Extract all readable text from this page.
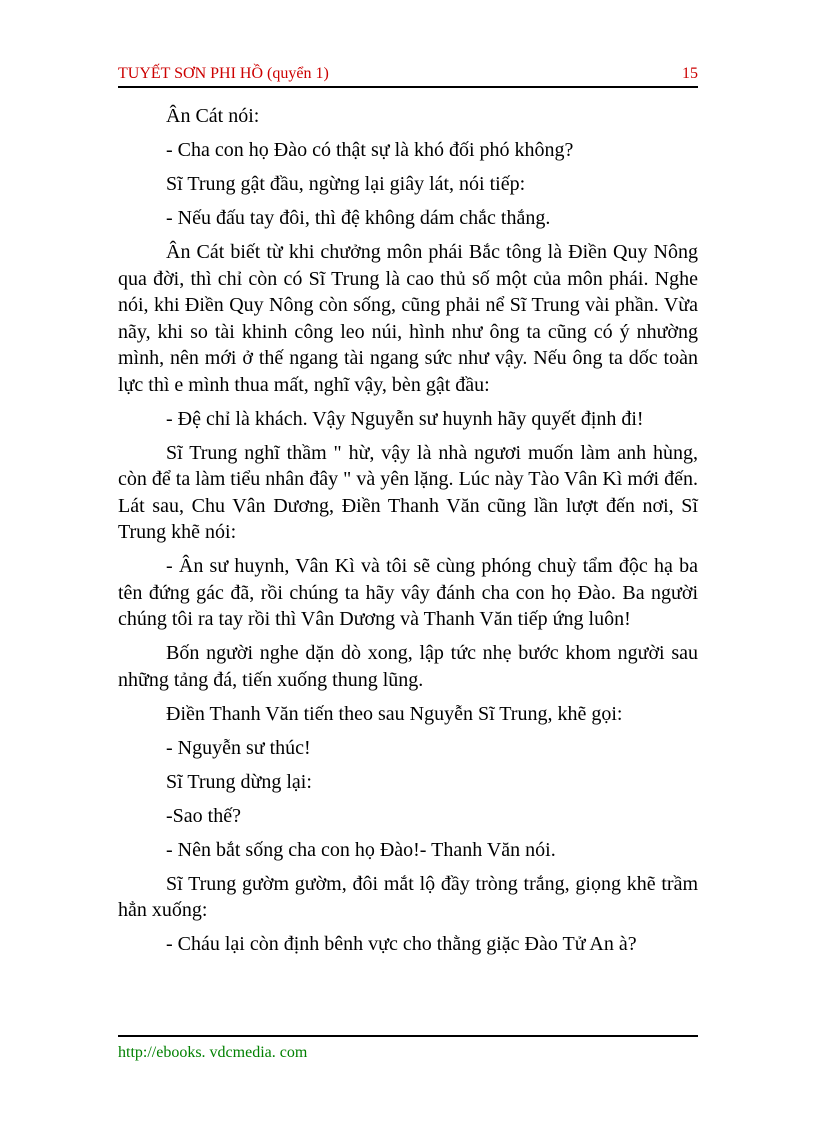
TUYẾT SƠN PHI HỒ (quyển 1)	15

Ân Cát nói:

- Cha con họ Đào có thật sự là khó đối phó không?

Sĩ Trung gật đầu, ngừng lại giây lát, nói tiếp:

- Nếu đấu tay đôi, thì đệ không dám chắc thắng.

Ân Cát biết từ khi chưởng môn phái Bắc tông là Điền Quy Nông qua đời, thì chỉ còn có Sĩ Trung là cao thủ số một của môn phái. Nghe nói, khi Điền Quy Nông còn sống, cũng phải nể Sĩ Trung vài phần. Vừa nãy, khi so tài khinh công leo núi, hình như ông ta cũng có ý nhường mình, nên mới ở thế ngang tài ngang sức như vậy. Nếu ông ta dốc toàn lực thì e mình thua mất, nghĩ vậy, bèn gật đầu:

- Đệ chỉ là khách. Vậy Nguyễn sư huynh hãy quyết định đi!

Sĩ Trung nghĩ thầm " hừ, vậy là nhà ngươi muốn làm anh hùng, còn để ta làm tiểu nhân đây " và yên lặng. Lúc này Tào Vân Kì mới đến. Lát sau, Chu Vân Dương, Điền Thanh Văn cũng lần lượt đến nơi, Sĩ Trung khẽ nói:

- Ân sư huynh, Vân Kì và tôi sẽ cùng phóng chuỳ tẩm độc hạ ba tên đứng gác đã, rồi chúng ta hãy vây đánh cha con họ Đào. Ba người chúng tôi ra tay rồi thì Vân Dương và Thanh Văn tiếp ứng luôn!

Bốn người nghe dặn dò xong, lập tức nhẹ bước khom người sau những tảng đá, tiến xuống thung lũng.

Điền Thanh Văn tiến theo sau Nguyễn Sĩ Trung, khẽ gọi:

- Nguyễn sư thúc!

Sĩ Trung dừng lại:

-Sao thế?

- Nên bắt sống cha con họ Đào!- Thanh Văn nói.

Sĩ Trung gườm gườm, đôi mắt lộ đầy tròng trắng, giọng khẽ trầm hẳn xuống:

- Cháu lại còn định bênh vực cho thằng giặc Đào Tử An à?

http://ebooks. vdcmedia. com
